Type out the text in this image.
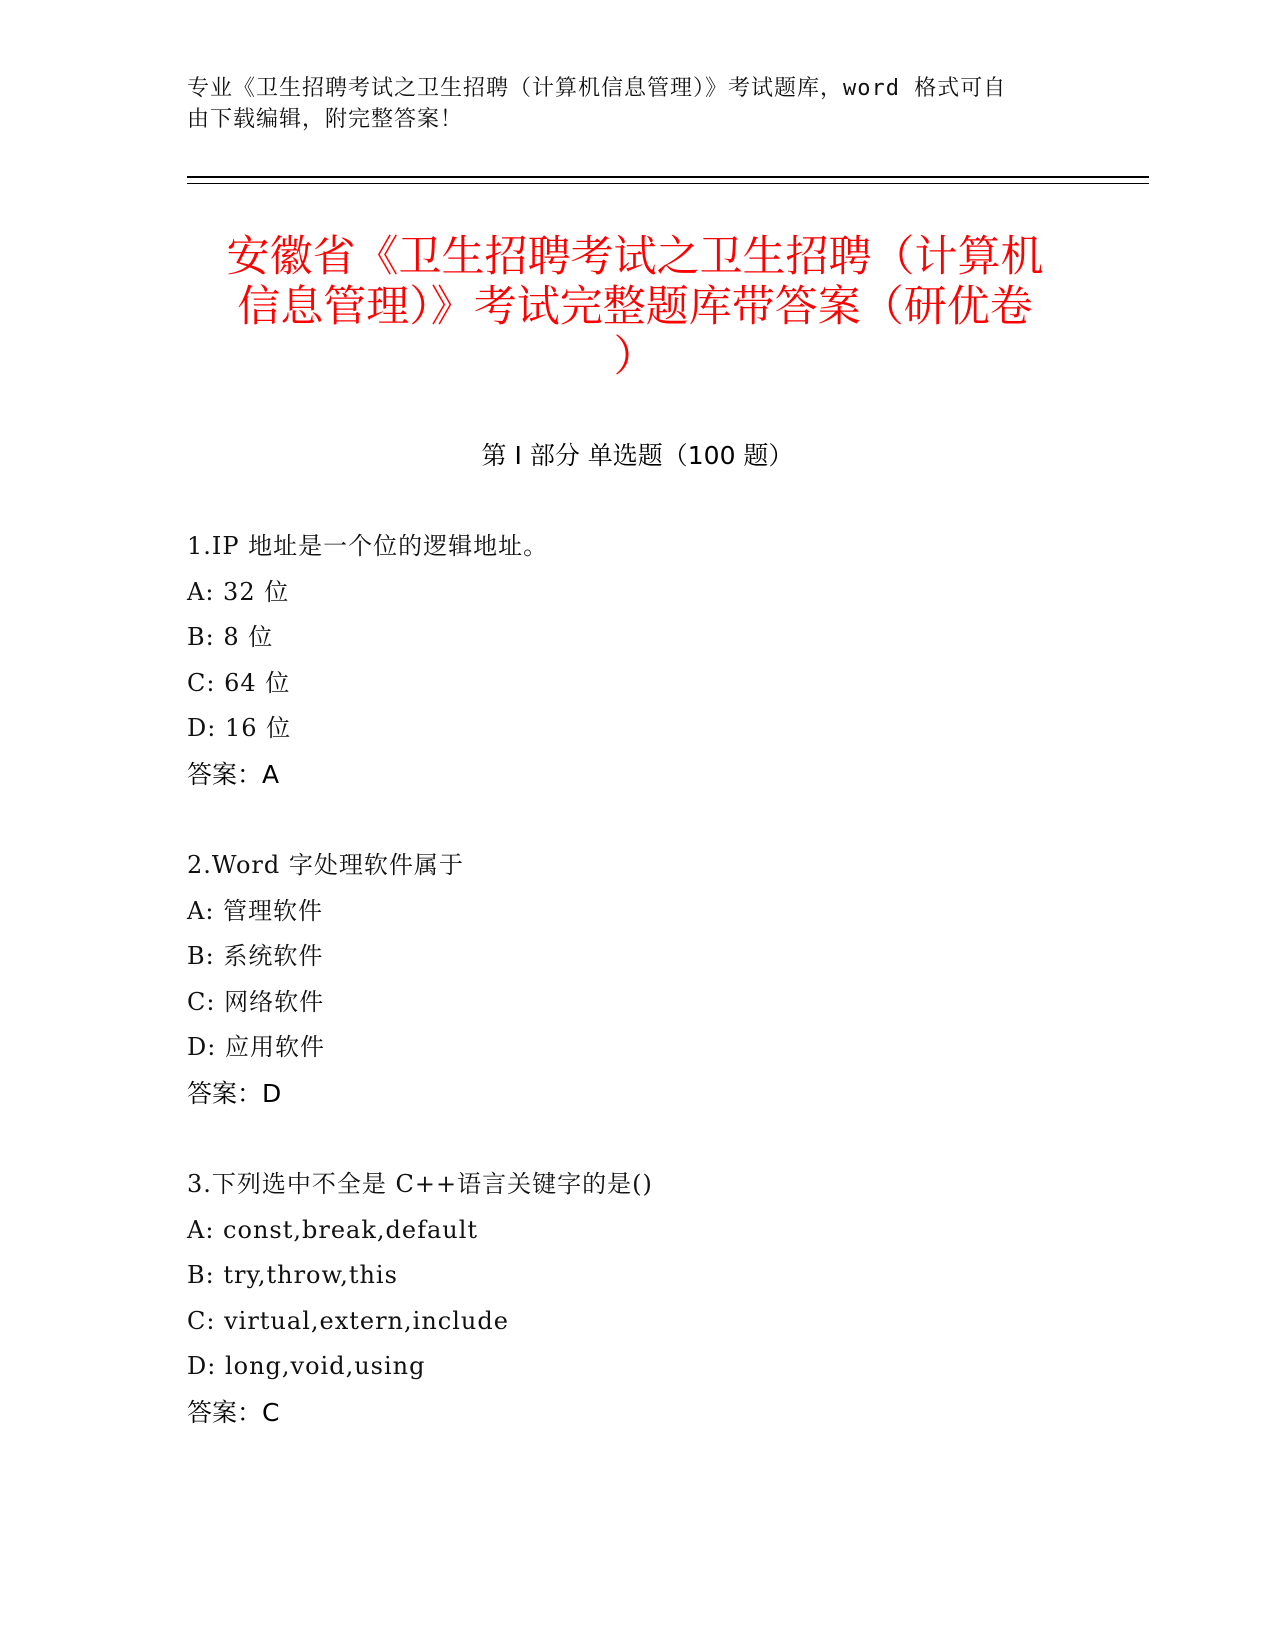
专业《卫生招聘考试之卫生招聘（计算机信息管理）》考试题库，word 格式可自
由下载编辑，附完整答案！
安徽省《卫生招聘考试之卫生招聘（计算机
信息管理）》考试完整题库带答案（研优卷
）
第 I 部分 单选题（100 题）
1.IP 地址是一个位的逻辑地址。
A: 32 位
B: 8 位
C: 64 位
D: 16 位
答案：A
2.Word 字处理软件属于
A: 管理软件
B: 系统软件
C: 网络软件
D: 应用软件
答案：D
3.下列选中不全是 C++语言关键字的是()
A: const,break,default
B: try,throw,this
C: virtual,extern,include
D: long,void,using
答案：C
